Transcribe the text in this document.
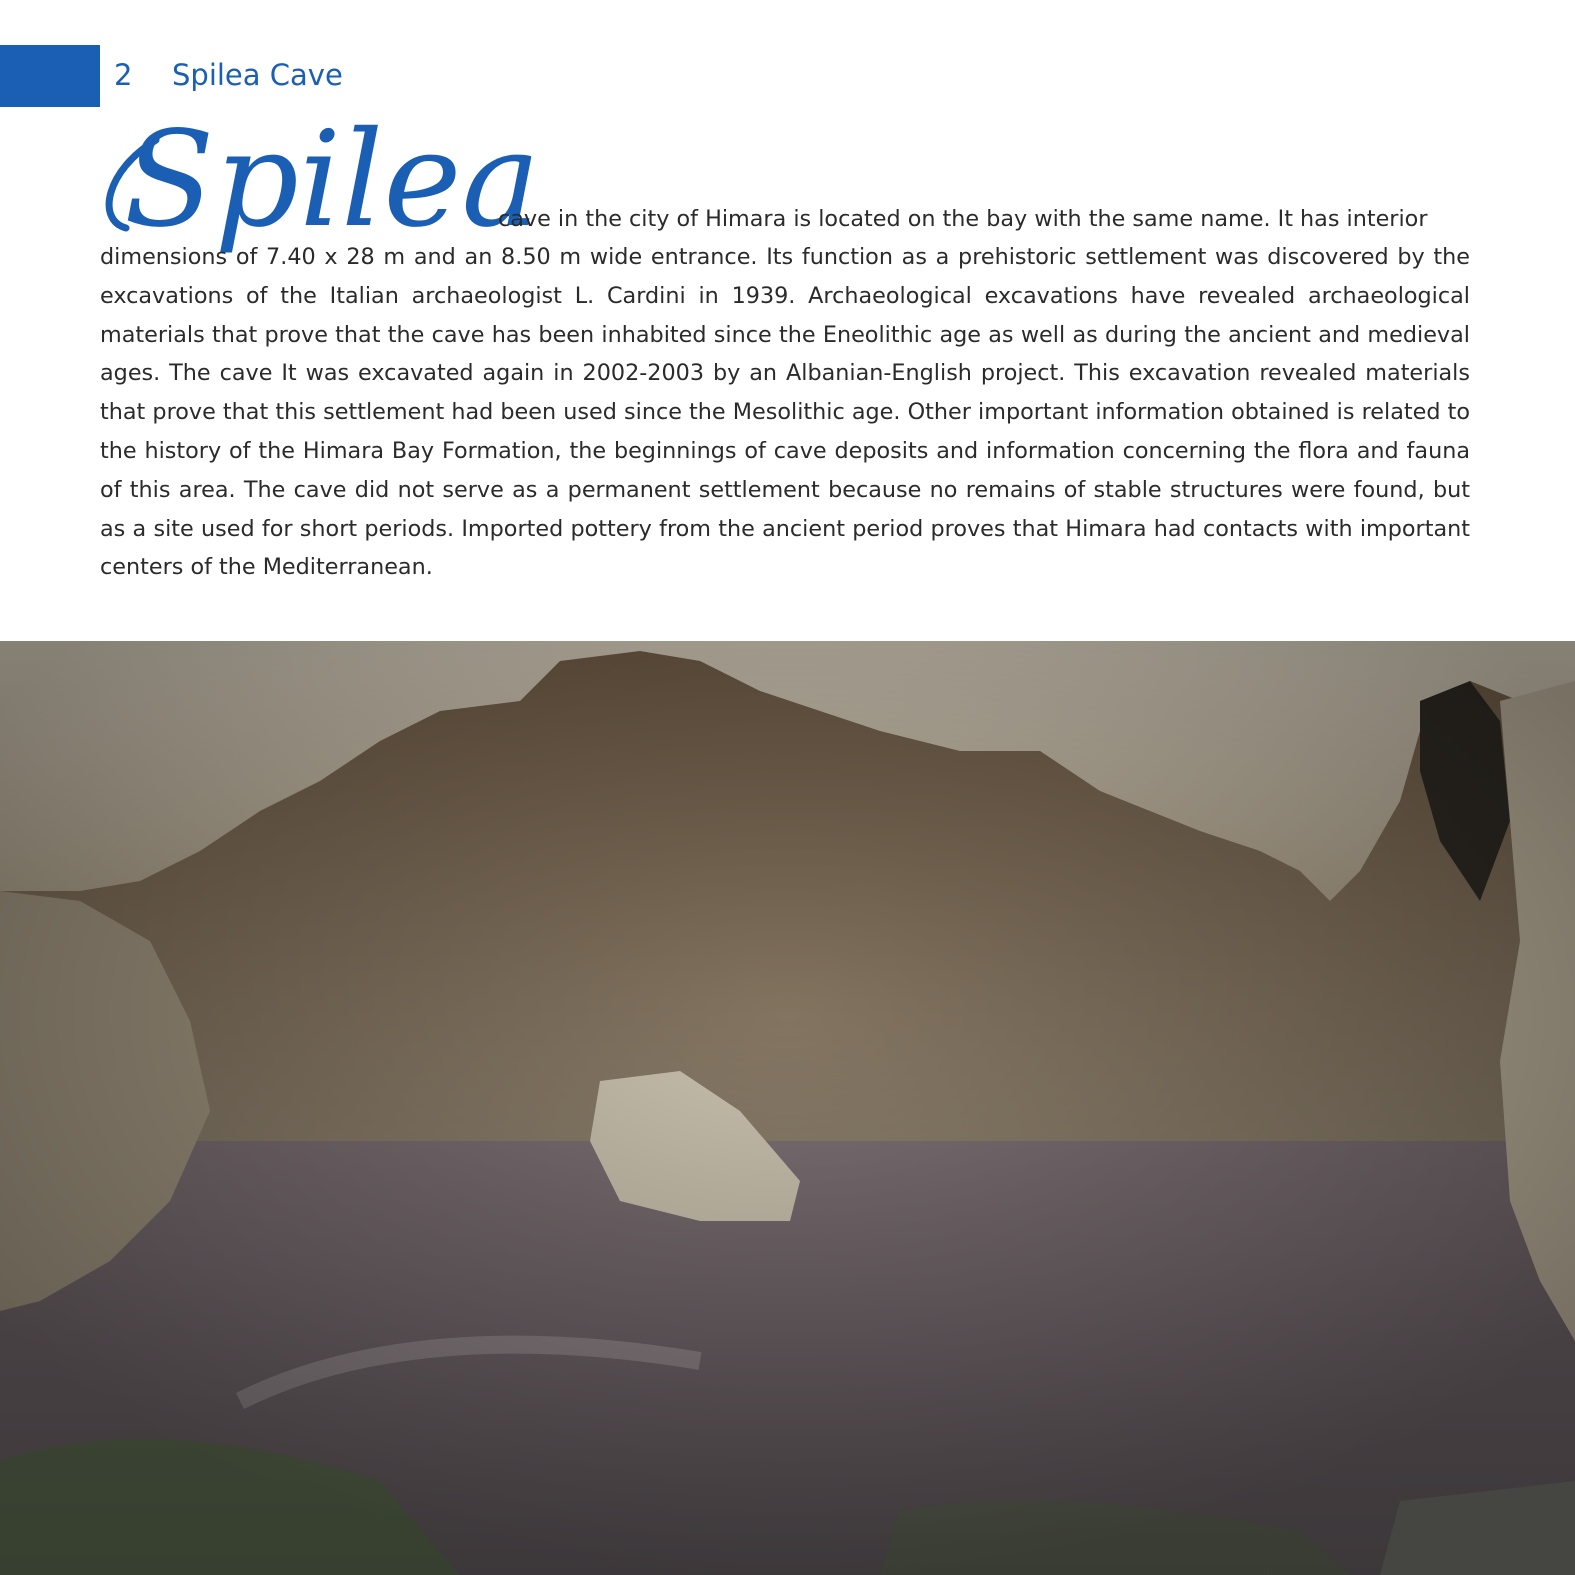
2 Spilea Cave
Spilea
cave in the city of Himara is located on the bay with the same name. It has interior
dimensions of 7.40 x 28 m and an 8.50 m wide entrance. Its function as a prehistoric settlement was discovered by the excavations of the Italian archaeologist L. Cardini in 1939. Archaeological excavations have revealed archaeological materials that prove that the cave has been inhabited since the Eneolithic age as well as during the ancient and medieval ages. The cave It was excavated again in 2002-2003 by an Albanian-English project. This excavation revealed materials that prove that this settlement had been used since the Mesolithic age. Other important information obtained is related to the history of the Himara Bay Formation, the beginnings of cave deposits and information concerning the flora and fauna of this area. The cave did not serve as a permanent settlement because no remains of stable structures were found, but as a site used for short periods. Imported pottery from the ancient period proves that Himara had contacts with important centers of the Mediterranean.
